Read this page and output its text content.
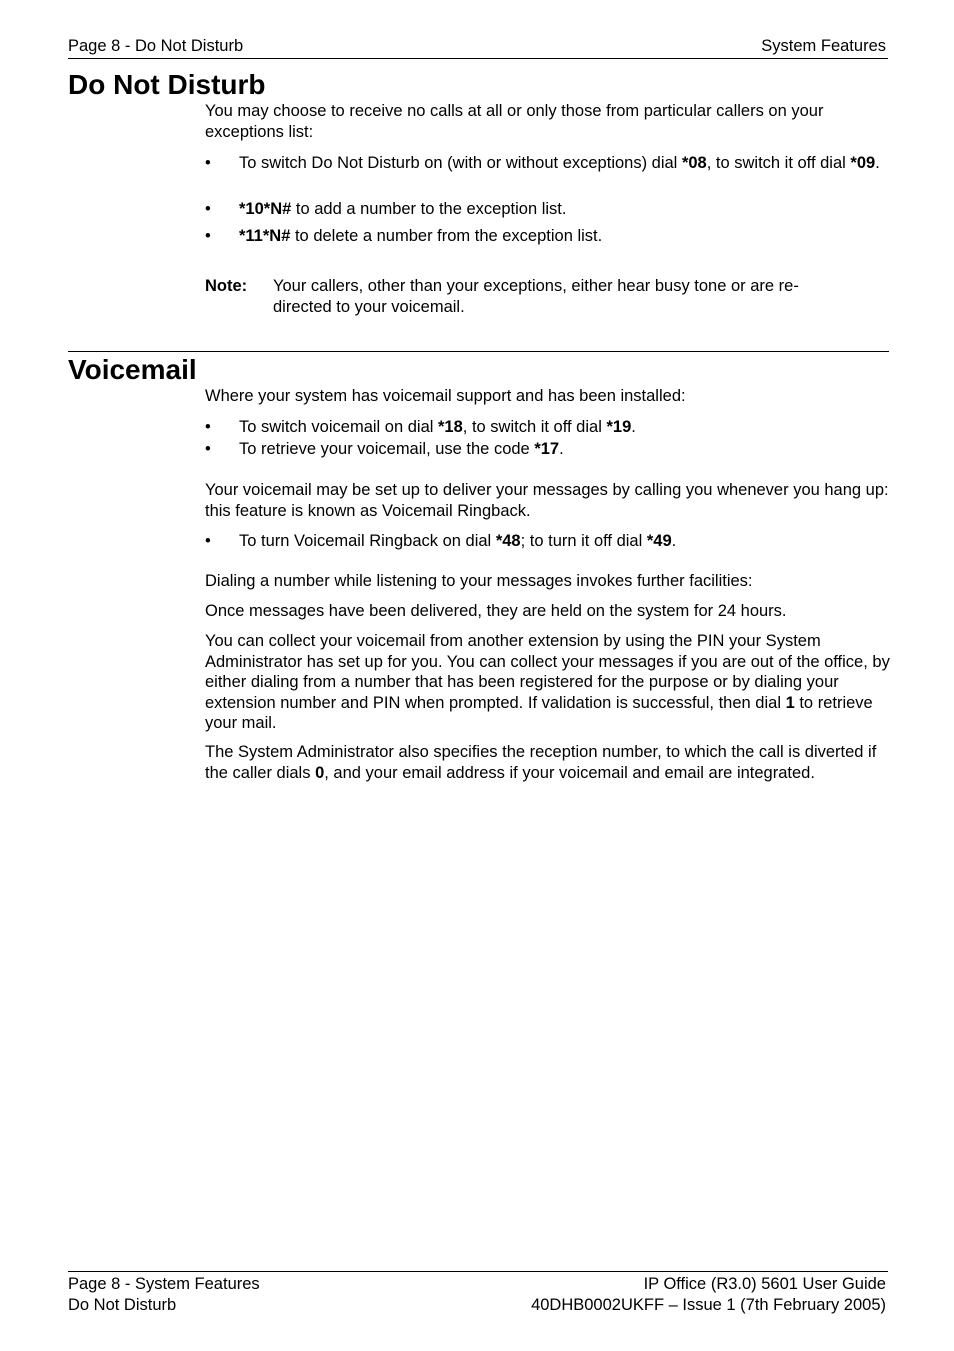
Page 8 - Do Not Disturb	System Features
Do Not Disturb

You may choose to receive no calls at all or only those from particular callers on your exceptions list:

• To switch Do Not Disturb on (with or without exceptions) dial *08, to switch it off dial *09.
• *10*N# to add a number to the exception list.
• *11*N# to delete a number from the exception list.
Note: Your callers, other than your exceptions, either hear busy tone or are re-directed to your voicemail.
Voicemail

Where your system has voicemail support and has been installed:

• To switch voicemail on dial *18, to switch it off dial *19.
• To retrieve your voicemail, use the code *17.

Your voicemail may be set up to deliver your messages by calling you whenever you hang up: this feature is known as Voicemail Ringback.

• To turn Voicemail Ringback on dial *48; to turn it off dial *49.

Dialing a number while listening to your messages invokes further facilities:

Once messages have been delivered, they are held on the system for 24 hours.

You can collect your voicemail from another extension by using the PIN your System Administrator has set up for you. You can collect your messages if you are out of the office, by either dialing from a number that has been registered for the purpose or by dialing your extension number and PIN when prompted. If validation is successful, then dial 1 to retrieve your mail.

The System Administrator also specifies the reception number, to which the call is diverted if the caller dials 0, and your email address if your voicemail and email are integrated.

Page 8 - System Features
Do Not Disturb
IP Office (R3.0) 5601 User Guide
40DHB0002UKFF – Issue 1 (7th February 2005)
